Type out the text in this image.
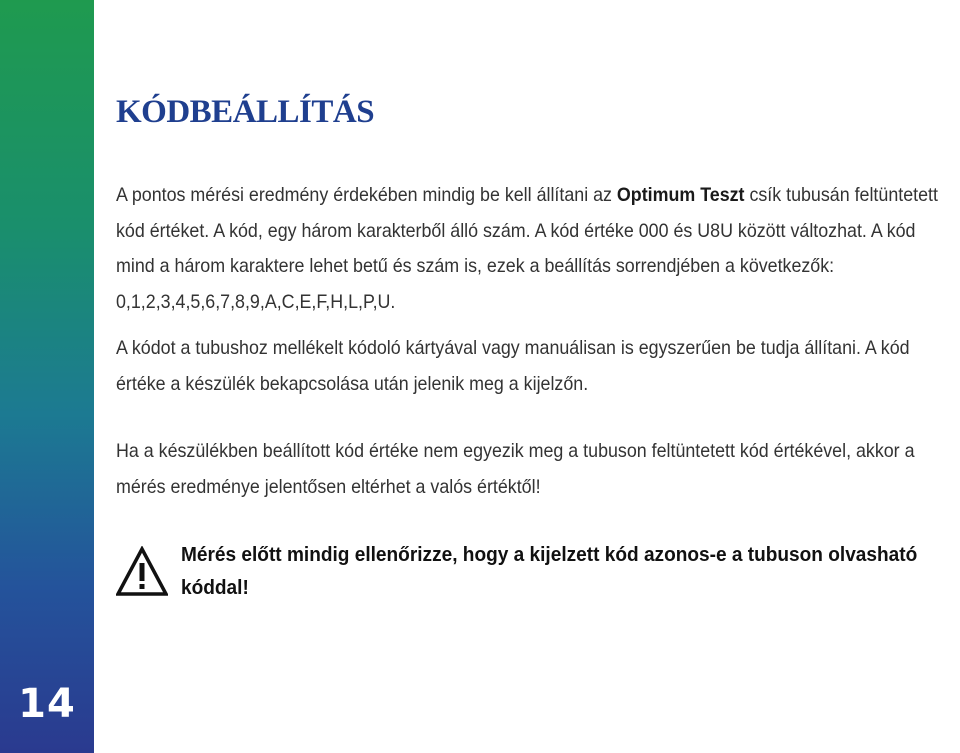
14
KÓDBEÁLLÍTÁS

A pontos mérési eredmény érdekében mindig be kell állítani az Optimum Teszt csík tubusán feltüntetett kód értéket. A kód, egy három karakterből álló szám. A kód értéke 000 és U8U között változhat. A kód mind a három karaktere lehet betű és szám is, ezek a beállítás sorrendjében a következők: 0,1,2,3,4,5,6,7,8,9,A,C,E,F,H,L,P,U.

A kódot a tubushoz mellékelt kódoló kártyával vagy manuálisan is egyszerűen be tudja állítani. A kód értéke a készülék bekapcsolása után jelenik meg a kijelzőn.

Ha a készülékben beállított kód értéke nem egyezik meg a tubuson feltüntetett kód értékével, akkor a mérés eredménye jelentősen eltérhet a valós értéktől!

Mérés előtt mindig ellenőrizze, hogy a kijelzett kód azonos-e a tubuson olvasható kóddal!
